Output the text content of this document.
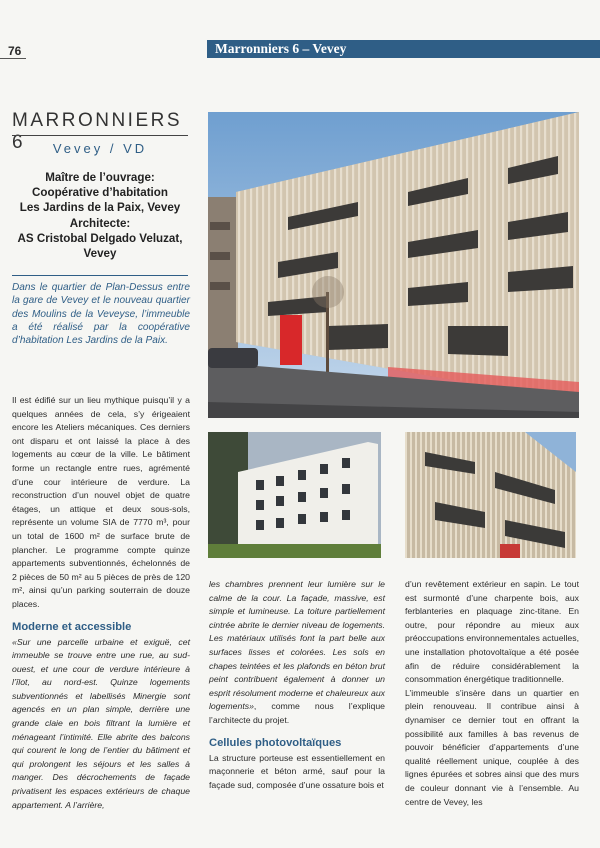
76	Marronniers 6 – Vevey
MARRONNIERS 6	Vevey / VD
Maître de l’ouvrage:
Coopérative d’habitation
Les Jardins de la Paix, Vevey
Architecte:
AS Cristobal Delgado Veluzat,
Vevey
Dans le quartier de Plan-Dessus entre la gare de Vevey et le nouveau quartier des Moulins de la Veveyse, l’immeuble a été réalisé par la coopérative d’habitation Les Jardins de la Paix.

Il est édifié sur un lieu mythique puisqu’il y a quelques années de cela, s’y érigeaient encore les Ateliers mécaniques. Ces derniers ont disparu et ont laissé la place à des logements au cœur de la ville. Le bâtiment forme un rectangle entre rues, agrémenté d’une cour intérieure de verdure. La reconstruction d’un nouvel objet de quatre étages, un attique et deux sous-sols, représente un volume SIA de 7770 m³, pour un total de 1600 m² de surface brute de plancher. Le programme compte quinze appartements subventionnés, échelonnés de 2 pièces de 50 m² au 5 pièces de près de 120 m², ainsi qu’un parking souterrain de douze places.

Moderne et accessible

«Sur une parcelle urbaine et exiguë, cet immeuble se trouve entre une rue, au sud-ouest, et une cour de verdure intérieure à l’îlot, au nord-est. Quinze logements subventionnés et labellisés Minergie sont agencés en un plan simple, derrière une grande claie en bois filtrant la lumière et ménageant l’intimité. Elle abrite des balcons qui courent le long de l’entier du bâtiment et qui prolongent les séjours et les salles à manger. Des décrochements de façade privatisent les espaces extérieurs de chaque appartement. A l’arrière,

les chambres prennent leur lumière sur le calme de la cour. La façade, massive, est simple et lumineuse. La toiture partiellement cintrée abrite le dernier niveau de logements. Les matériaux utilisés font la part belle aux surfaces lisses et colorées. Les sols en chapes teintées et les plafonds en béton brut peint contribuent également à donner un esprit résolument moderne et chaleureux aux logements», comme nous l’explique l’architecte du projet.

Cellules photovoltaïques

La structure porteuse est essentiellement en maçonnerie et béton armé, sauf pour la façade sud, composée d’une ossature bois et

d’un revêtement extérieur en sapin. Le tout est surmonté d’une charpente bois, aux ferblanteries en plaquage zinc-titane. En outre, pour répondre au mieux aux préoccupations environnementales actuelles, une installation photovoltaïque a été posée afin de réduire considérablement la consommation énergétique traditionnelle.

L’immeuble s’insère dans un quartier en plein renouveau. Il contribue ainsi à dynamiser ce dernier tout en offrant la possibilité aux familles à bas revenus de pouvoir bénéficier d’appartements d’une qualité réellement unique, couplée à des lignes épurées et sobres ainsi que des murs de couleur donnant vie à l’ensemble. Au centre de Vevey, les
